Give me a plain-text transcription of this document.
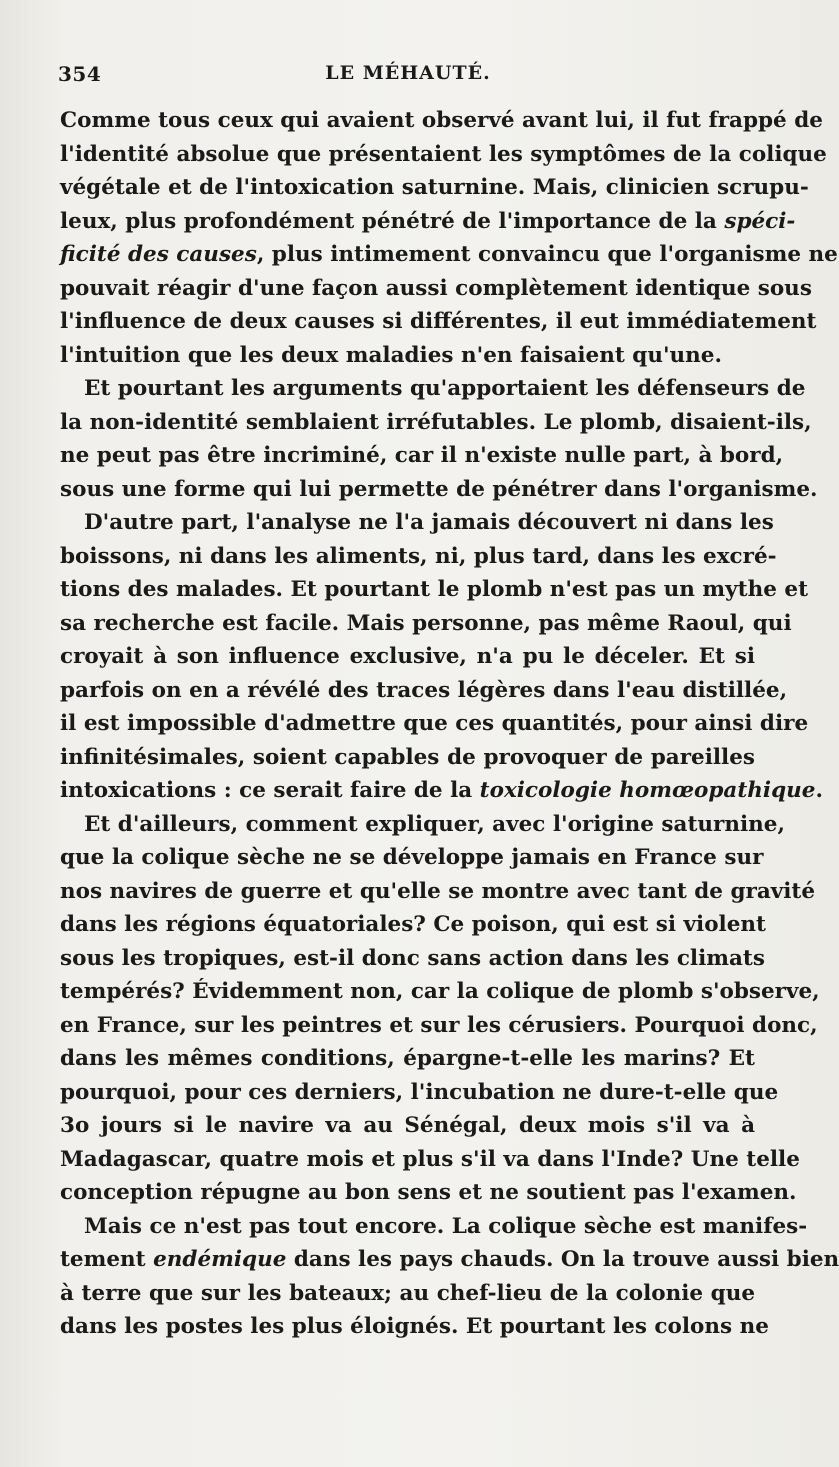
354	LE MÉHAUTÉ.
Comme tous ceux qui avaient observé avant lui, il fut frappé de
l'identité absolue que présentaient les symptômes de la colique
végétale et de l'intoxication saturnine. Mais, clinicien scrupu-
leux, plus profondément pénétré de l'importance de la spéci-
ficité des causes, plus intimement convaincu que l'organisme ne
pouvait réagir d'une façon aussi complètement identique sous
l'influence de deux causes si différentes, il eut immédiatement
l'intuition que les deux maladies n'en faisaient qu'une.
Et pourtant les arguments qu'apportaient les défenseurs de
la non-identité semblaient irréfutables. Le plomb, disaient-ils,
ne peut pas être incriminé, car il n'existe nulle part, à bord,
sous une forme qui lui permette de pénétrer dans l'organisme.
D'autre part, l'analyse ne l'a jamais découvert ni dans les
boissons, ni dans les aliments, ni, plus tard, dans les excré-
tions des malades. Et pourtant le plomb n'est pas un mythe et
sa recherche est facile. Mais personne, pas même Raoul, qui
croyait à son influence exclusive, n'a pu le déceler. Et si
parfois on en a révélé des traces légères dans l'eau distillée,
il est impossible d'admettre que ces quantités, pour ainsi dire
infinitésimales, soient capables de provoquer de pareilles
intoxications : ce serait faire de la toxicologie homœopathique.
Et d'ailleurs, comment expliquer, avec l'origine saturnine,
que la colique sèche ne se développe jamais en France sur
nos navires de guerre et qu'elle se montre avec tant de gravité
dans les régions équatoriales? Ce poison, qui est si violent
sous les tropiques, est-il donc sans action dans les climats
tempérés? Évidemment non, car la colique de plomb s'observe,
en France, sur les peintres et sur les cérusiers. Pourquoi donc,
dans les mêmes conditions, épargne-t-elle les marins? Et
pourquoi, pour ces derniers, l'incubation ne dure-t-elle que
3o jours si le navire va au Sénégal, deux mois s'il va à
Madagascar, quatre mois et plus s'il va dans l'Inde? Une telle
conception répugne au bon sens et ne soutient pas l'examen.
Mais ce n'est pas tout encore. La colique sèche est manifes-
tement endémique dans les pays chauds. On la trouve aussi bien
à terre que sur les bateaux; au chef-lieu de la colonie que
dans les postes les plus éloignés. Et pourtant les colons ne
